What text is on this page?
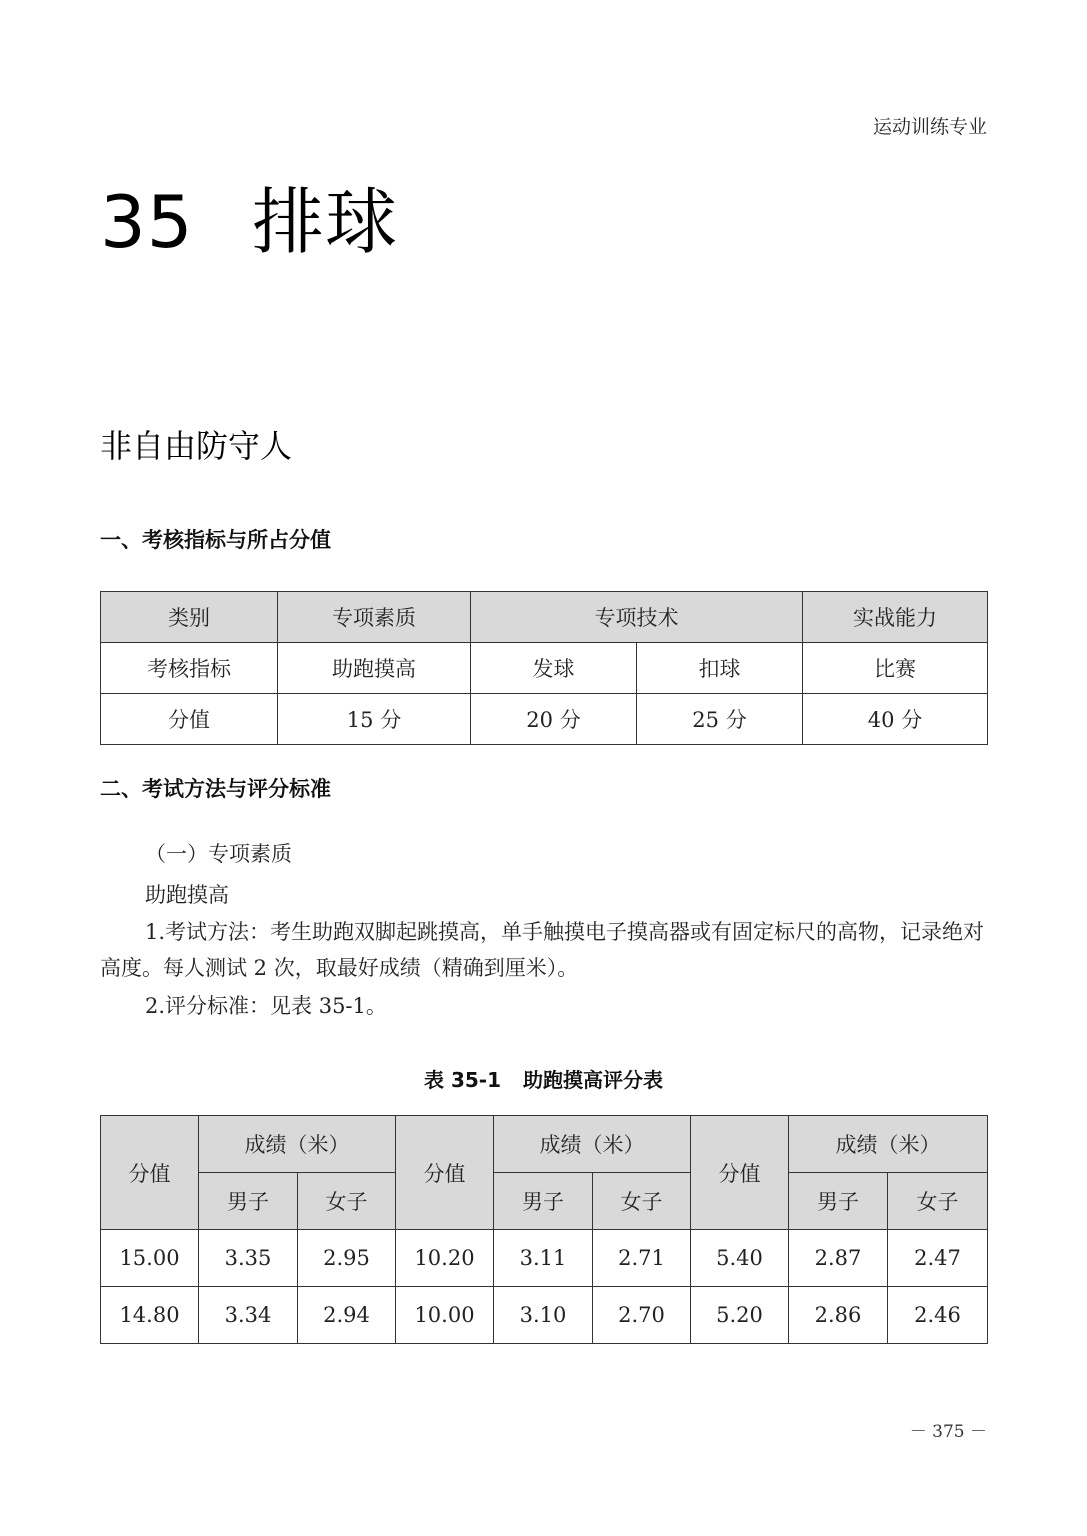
运动训练专业
35 排球
非自由防守人
一、考核指标与所占分值
类别	专项素质	专项技术		实战能力
考核指标	助跑摸高	发球	扣球	比赛
分值	15 分	20 分	25 分	40 分
二、考试方法与评分标准
（一）专项素质
助跑摸高
1.考试方法：考生助跑双脚起跳摸高，单手触摸电子摸高器或有固定标尺的高物，记录绝对高度。每人测试 2 次，取最好成绩（精确到厘米）。
2.评分标准：见表 35-1。
表 35-1 助跑摸高评分表
分值	成绩（米）		分值	成绩（米）		分值	成绩（米）	
	男子	女子		男子	女子		男子	女子
15.00	3.35	2.95	10.20	3.11	2.71	5.40	2.87	2.47
14.80	3.34	2.94	10.00	3.10	2.70	5.20	2.86	2.46
－ 375 －
